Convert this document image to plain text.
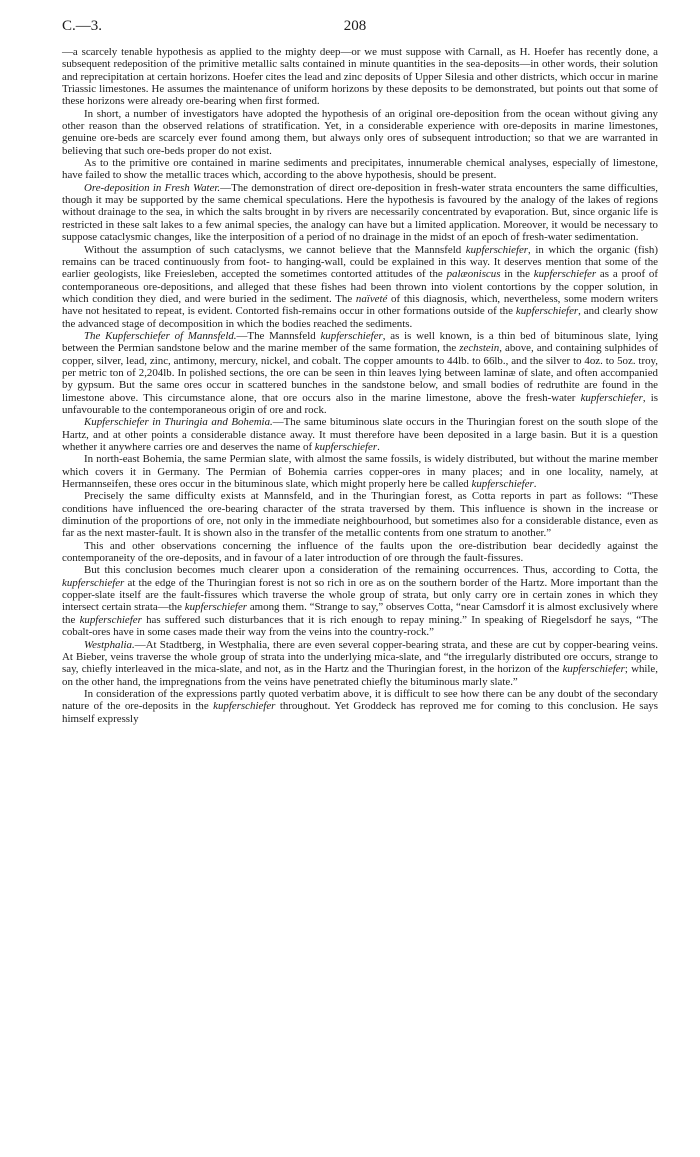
C.—3.	208

—a scarcely tenable hypothesis as applied to the mighty deep—or we must suppose with Carnall, as H. Hoefer has recently done, a subsequent redeposition of the primitive metallic salts contained in minute quantities in the sea-deposits—in other words, their solution and reprecipitation at certain horizons. Hoefer cites the lead and zinc deposits of Upper Silesia and other districts, which occur in marine Triassic limestones. He assumes the maintenance of uniform horizons by these deposits to be demonstrated, but points out that some of these horizons were already ore-bearing when first formed.

In short, a number of investigators have adopted the hypothesis of an original ore-deposition from the ocean without giving any other reason than the observed relations of stratification. Yet, in a considerable experience with ore-deposits in marine limestones, genuine ore-beds are scarcely ever found among them, but always only ores of subsequent introduction; so that we are warranted in believing that such ore-beds proper do not exist.

As to the primitive ore contained in marine sediments and precipitates, innumerable chemical analyses, especially of limestone, have failed to show the metallic traces which, according to the above hypothesis, should be present.

Ore-deposition in Fresh Water.—The demonstration of direct ore-deposition in fresh-water strata encounters the same difficulties, though it may be supported by the same chemical speculations. Here the hypothesis is favoured by the analogy of the lakes of regions without drainage to the sea, in which the salts brought in by rivers are necessarily concentrated by evaporation. But, since organic life is restricted in these salt lakes to a few animal species, the analogy can have but a limited application. Moreover, it would be necessary to suppose cataclysmic changes, like the interposition of a period of no drainage in the midst of an epoch of fresh-water sedimentation.

Without the assumption of such cataclysms, we cannot believe that the Mannsfeld kupferschiefer, in which the organic (fish) remains can be traced continuously from foot- to hanging-wall, could be explained in this way. It deserves mention that some of the earlier geologists, like Freiesleben, accepted the sometimes contorted attitudes of the palæoniscus in the kupferschiefer as a proof of contemporaneous ore-depositions, and alleged that these fishes had been thrown into violent contortions by the copper solution, in which condition they died, and were buried in the sediment. The naïveté of this diagnosis, which, nevertheless, some modern writers have not hesitated to repeat, is evident. Contorted fish-remains occur in other formations outside of the kupferschiefer, and clearly show the advanced stage of decomposition in which the bodies reached the sediments.

The Kupferschiefer of Mannsfeld.—The Mannsfeld kupferschiefer, as is well known, is a thin bed of bituminous slate, lying between the Permian sandstone below and the marine member of the same formation, the zechstein, above, and containing sulphides of copper, silver, lead, zinc, antimony, mercury, nickel, and cobalt. The copper amounts to 44lb. to 66lb., and the silver to 4oz. to 5oz. troy, per metric ton of 2,204lb. In polished sections, the ore can be seen in thin leaves lying between laminæ of slate, and often accompanied by gypsum. But the same ores occur in scattered bunches in the sandstone below, and small bodies of redruthite are found in the limestone above. This circumstance alone, that ore occurs also in the marine limestone, above the fresh-water kupferschiefer, is unfavourable to the contemporaneous origin of ore and rock.

Kupferschiefer in Thuringia and Bohemia.—The same bituminous slate occurs in the Thuringian forest on the south slope of the Hartz, and at other points a considerable distance away. It must therefore have been deposited in a large basin. But it is a question whether it anywhere carries ore and deserves the name of kupferschiefer.

In north-east Bohemia, the same Permian slate, with almost the same fossils, is widely distributed, but without the marine member which covers it in Germany. The Permian of Bohemia carries copper-ores in many places; and in one locality, namely, at Hermannseifen, these ores occur in the bituminous slate, which might properly here be called kupferschiefer.

Precisely the same difficulty exists at Mannsfeld, and in the Thuringian forest, as Cotta reports in part as follows: “These conditions have influenced the ore-bearing character of the strata traversed by them. This influence is shown in the increase or diminution of the proportions of ore, not only in the immediate neighbourhood, but sometimes also for a considerable distance, even as far as the next master-fault. It is shown also in the transfer of the metallic contents from one stratum to another.”

This and other observations concerning the influence of the faults upon the ore-distribution bear decidedly against the contemporaneity of the ore-deposits, and in favour of a later introduction of ore through the fault-fissures.

But this conclusion becomes much clearer upon a consideration of the remaining occurrences. Thus, according to Cotta, the kupferschiefer at the edge of the Thuringian forest is not so rich in ore as on the southern border of the Hartz. More important than the copper-slate itself are the fault-fissures which traverse the whole group of strata, but only carry ore in certain zones in which they intersect certain strata—the kupferschiefer among them. “Strange to say,” observes Cotta, “near Camsdorf it is almost exclusively where the kupferschiefer has suffered such disturbances that it is rich enough to repay mining.” In speaking of Riegelsdorf he says, “The cobalt-ores have in some cases made their way from the veins into the country-rock.”

Westphalia.—At Stadtberg, in Westphalia, there are even several copper-bearing strata, and these are cut by copper-bearing veins. At Bieber, veins traverse the whole group of strata into the underlying mica-slate, and “the irregularly distributed ore occurs, strange to say, chiefly interleaved in the mica-slate, and not, as in the Hartz and the Thuringian forest, in the horizon of the kupferschiefer; while, on the other hand, the impregnations from the veins have penetrated chiefly the bituminous marly slate.”

In consideration of the expressions partly quoted verbatim above, it is difficult to see how there can be any doubt of the secondary nature of the ore-deposits in the kupferschiefer throughout. Yet Groddeck has reproved me for coming to this conclusion. He says himself expressly
